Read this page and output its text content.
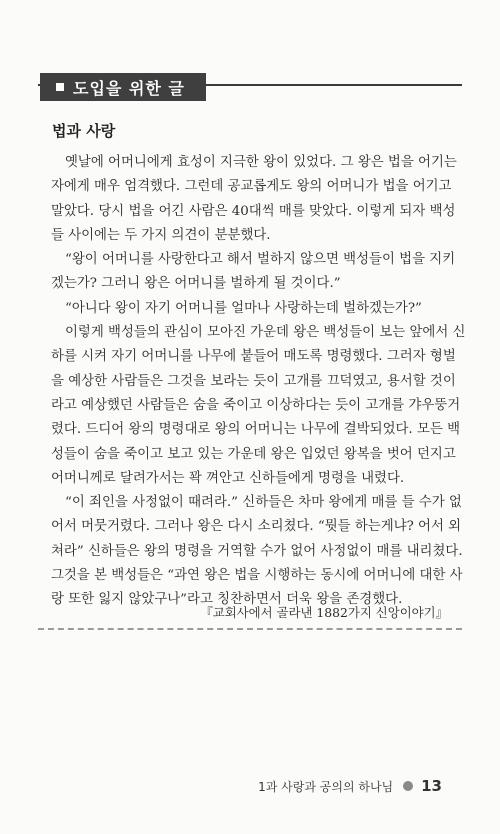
도입을 위한 글
법과 사랑
옛날에 어머니에게 효성이 지극한 왕이 있었다. 그 왕은 법을 어기는
자에게 매우 엄격했다. 그런데 공교롭게도 왕의 어머니가 법을 어기고
말았다. 당시 법을 어긴 사람은 40대씩 매를 맞았다. 이렇게 되자 백성
들 사이에는 두 가지 의견이 분분했다.
“왕이 어머니를 사랑한다고 해서 벌하지 않으면 백성들이 법을 지키
겠는가? 그러니 왕은 어머니를 벌하게 될 것이다.”
“아니다 왕이 자기 어머니를 얼마나 사랑하는데 벌하겠는가?”
이렇게 백성들의 관심이 모아진 가운데 왕은 백성들이 보는 앞에서 신
하를 시켜 자기 어머니를 나무에 붙들어 매도록 명령했다. 그러자 형벌
을 예상한 사람들은 그것을 보라는 듯이 고개를 끄덕였고, 용서할 것이
라고 예상했던 사람들은 숨을 죽이고 이상하다는 듯이 고개를 갸우뚱거
렸다. 드디어 왕의 명령대로 왕의 어머니는 나무에 결박되었다. 모든 백
성들이 숨을 죽이고 보고 있는 가운데 왕은 입었던 왕복을 벗어 던지고
어머니께로 달려가서는 꽉 껴안고 신하들에게 명령을 내렸다.
“이 죄인을 사정없이 때려라.” 신하들은 차마 왕에게 매를 들 수가 없
어서 머뭇거렸다. 그러나 왕은 다시 소리쳤다. “뭣들 하는게냐? 어서 외
쳐라” 신하들은 왕의 명령을 거역할 수가 없어 사정없이 매를 내리쳤다.
그것을 본 백성들은 “과연 왕은 법을 시행하는 동시에 어머니에 대한 사
랑 또한 잃지 않았구나”라고 칭찬하면서 더욱 왕을 존경했다.
『교회사에서 골라낸 1882가지 신앙이야기』
1과 사랑과 공의의 하나님 13
